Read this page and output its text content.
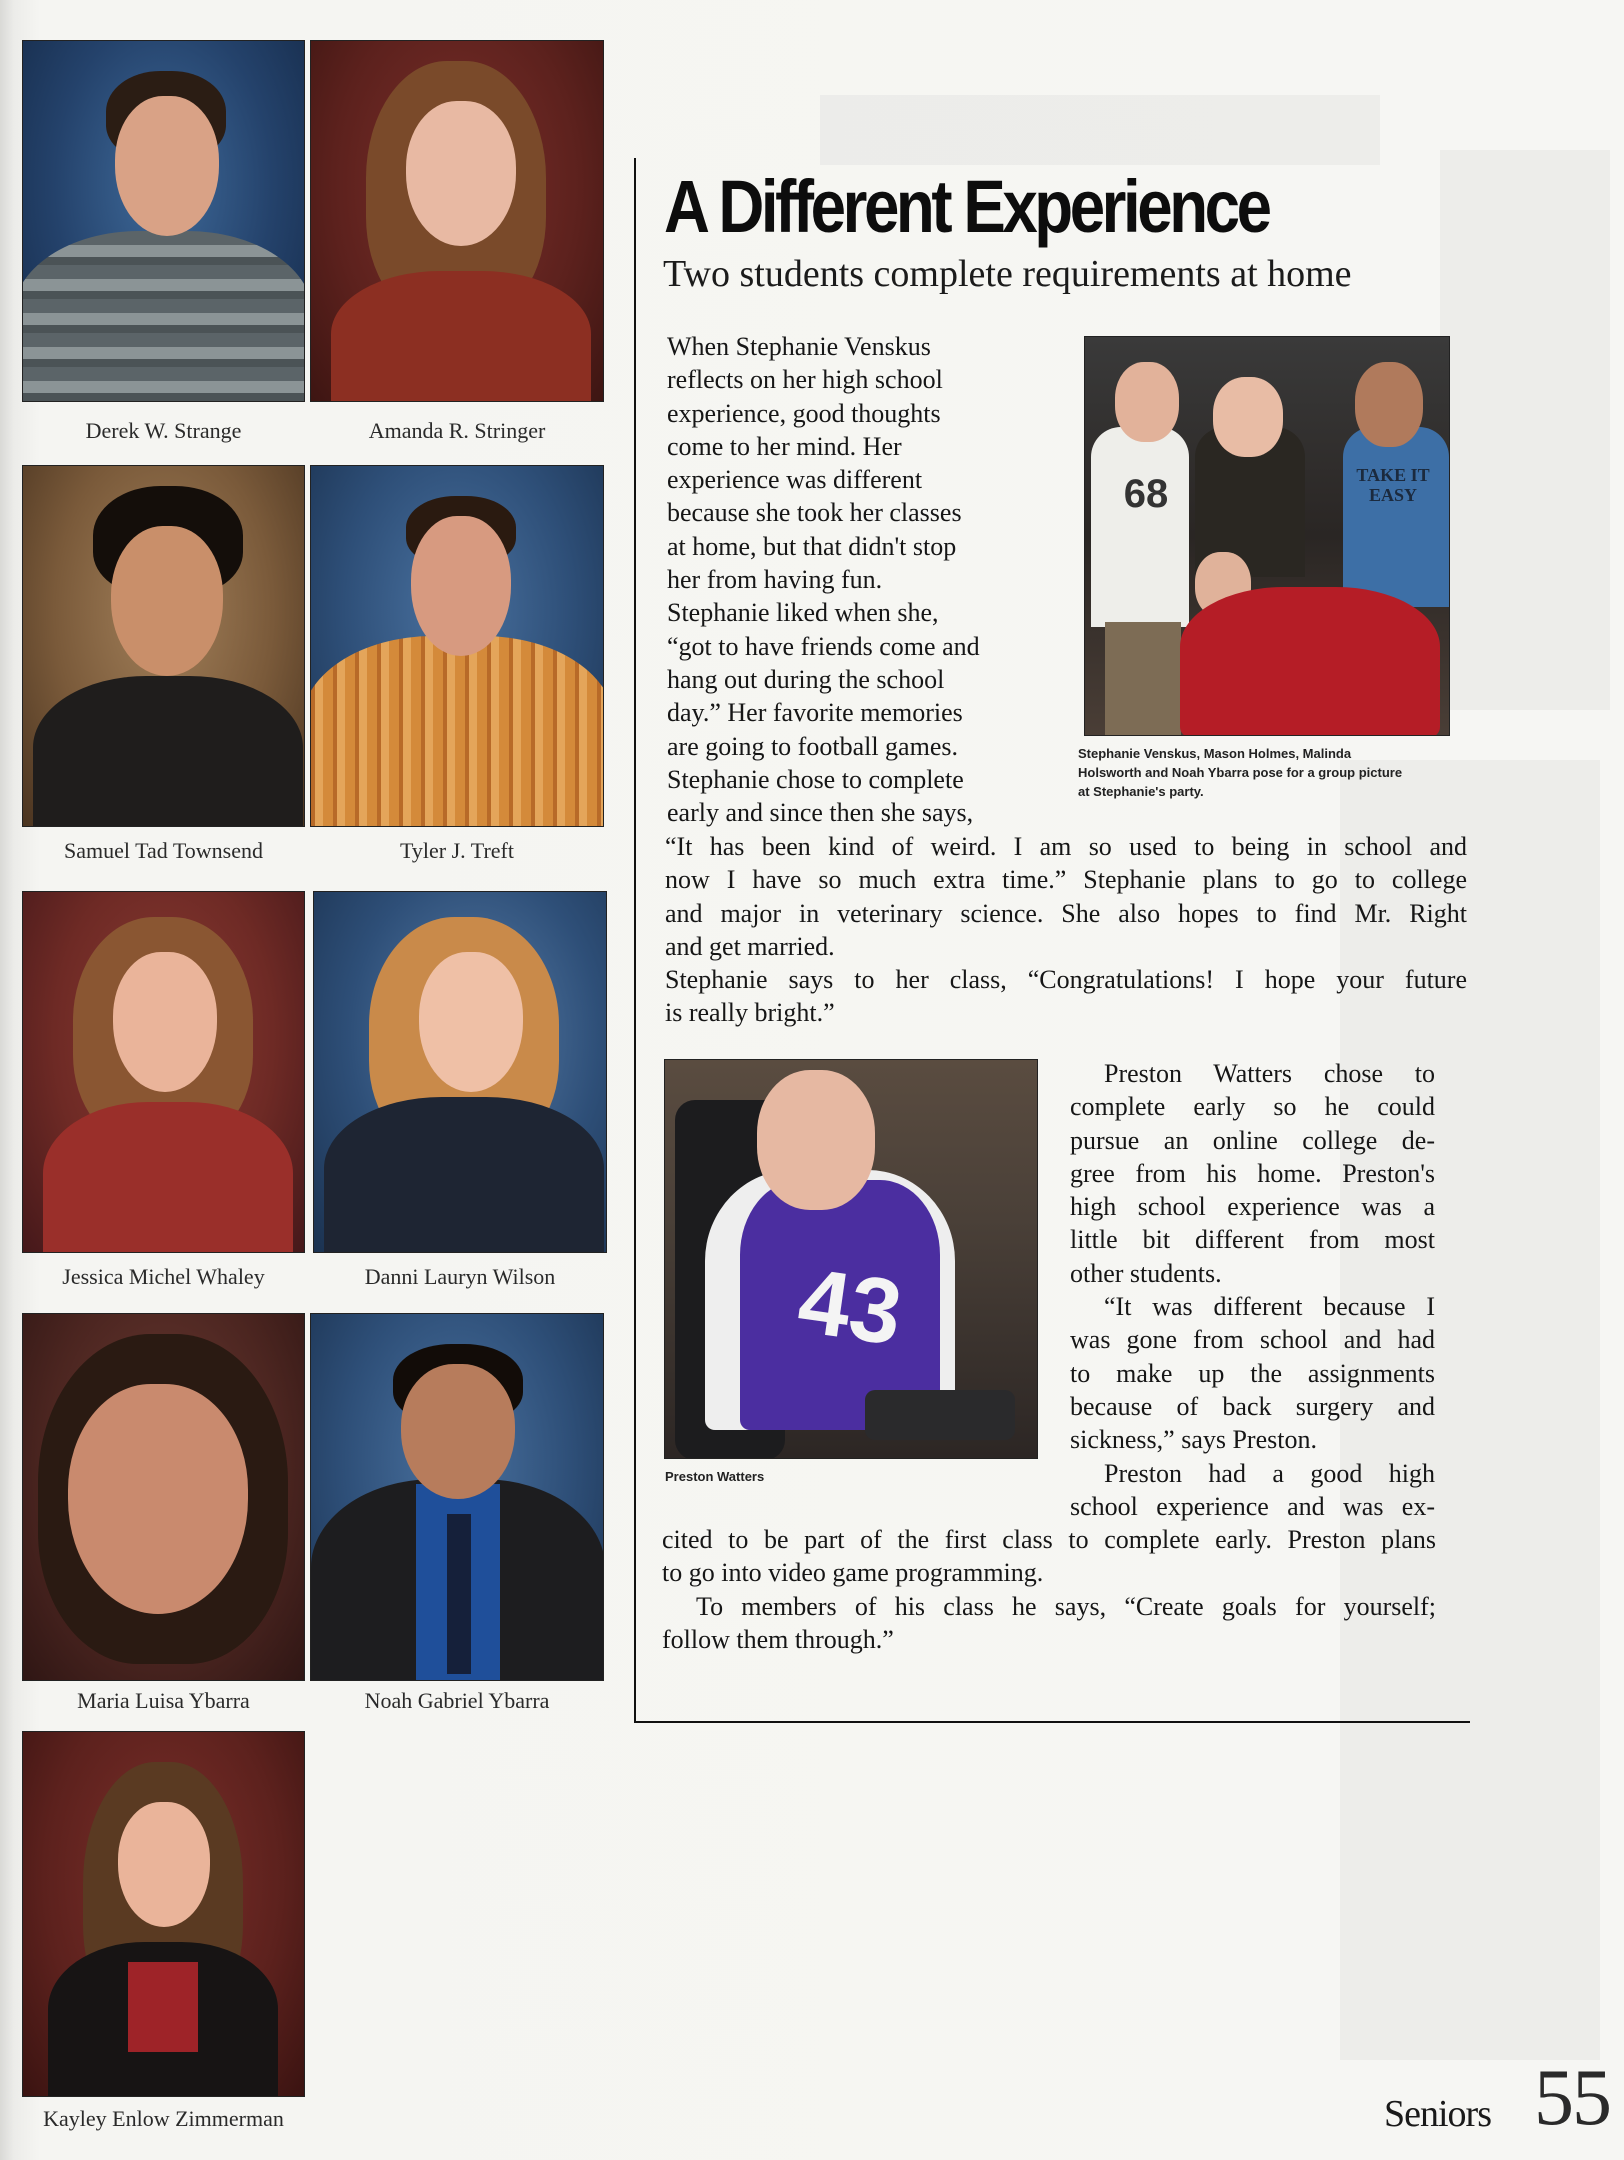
Derek W. Strange	Amanda R. Stringer
Samuel Tad Townsend	Tyler J. Treft
Jessica Michel Whaley	Danni Lauryn Wilson
Maria Luisa Ybarra	Noah Gabriel Ybarra
Kayley Enlow Zimmerman
A Different Experience
Two students complete requirements at home
When Stephanie Venskus
reflects on her high school
experience, good thoughts
come to her mind. Her
experience was different
because she took her classes
at home, but that didn't stop
her from having fun.
Stephanie liked when she,
“got to have friends come and
hang out during the school
day.” Her favorite memories
are going to football games.
Stephanie chose to complete
early and since then she says,
“It has been kind of weird. I am so used to being in school and
now I have so much extra time.” Stephanie plans to go to college
and major in veterinary science. She also hopes to find Mr. Right
and get married.
Stephanie says to her class, “Congratulations! I hope your future
is really bright.”
68	TAKE IT EASY
Stephanie Venskus, Mason Holmes, Malinda Holsworth and Noah Ybarra pose for a group picture at Stephanie's party.
43
Preston Watters
Preston Watters chose to
complete early so he could
pursue an online college de-
gree from his home. Preston's
high school experience was a
little bit different from most
other students.
“It was different because I
was gone from school and had
to make up the assignments
because of back surgery and
sickness,” says Preston.
Preston had a good high
school experience and was ex-
cited to be part of the first class to complete early. Preston plans
to go into video game programming.
To members of his class he says, “Create goals for yourself;
follow them through.”
Seniors 55
